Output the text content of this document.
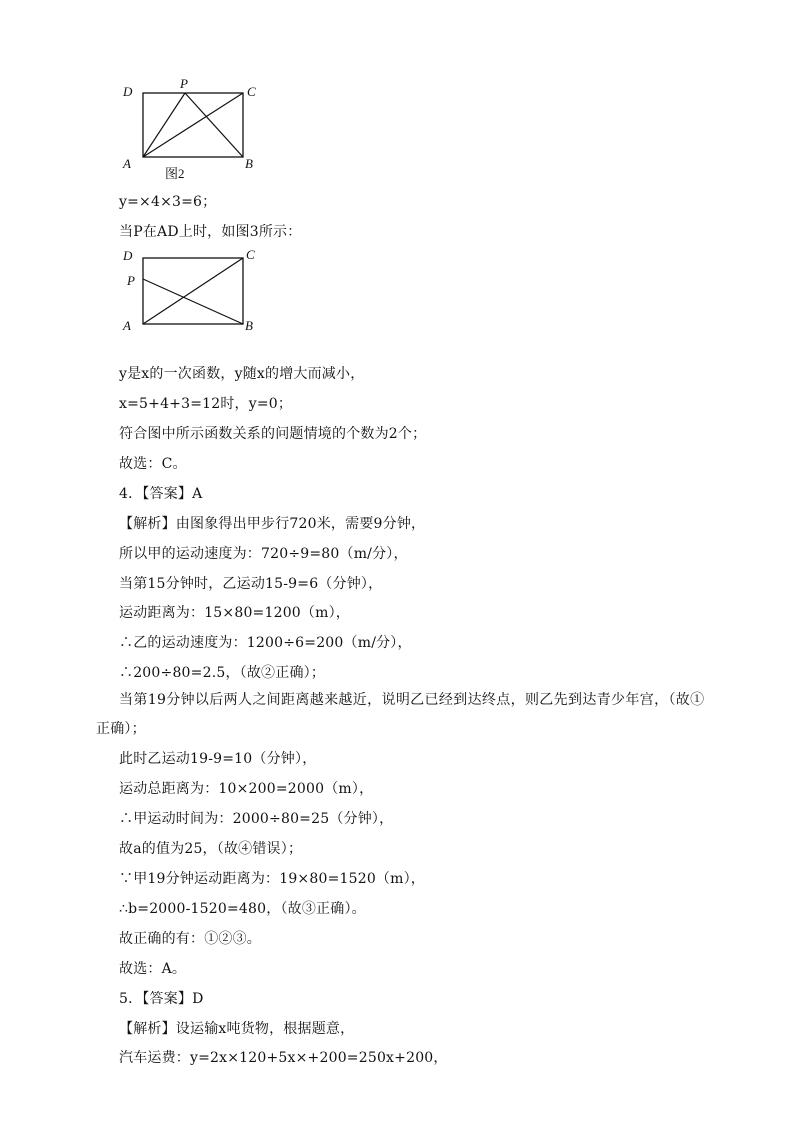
D
P
C
A	B
图2
D	C
P
A	B
y=×4×3=6；
当P在AD上时，如图3所示：
y是x的一次函数，y随x的增大而减小，
x=5+4+3=12时，y=0；
符合图中所示函数关系的问题情境的个数为2个；
故选：C。
4．【答案】A
【解析】由图象得出甲步行720米，需要9分钟，
所以甲的运动速度为：720÷9=80（m/分），
当第15分钟时，乙运动15-9=6（分钟），
运动距离为：15×80=1200（m），
∴乙的运动速度为：1200÷6=200（m/分），
∴200÷80=2.5，（故②正确）；
当第19分钟以后两人之间距离越来越近，说明乙已经到达终点，则乙先到达青少年宫，（故①
正确）；
此时乙运动19-9=10（分钟），
运动总距离为：10×200=2000（m），
∴甲运动时间为：2000÷80=25（分钟），
故a的值为25，（故④错误）；
∵甲19分钟运动距离为：19×80=1520（m），
∴b=2000-1520=480，（故③正确）。
故正确的有：①②③。
故选：A。
5．【答案】D
【解析】设运输x吨货物，根据题意，
汽车运费：y=2x×120+5x×+200=250x+200，
